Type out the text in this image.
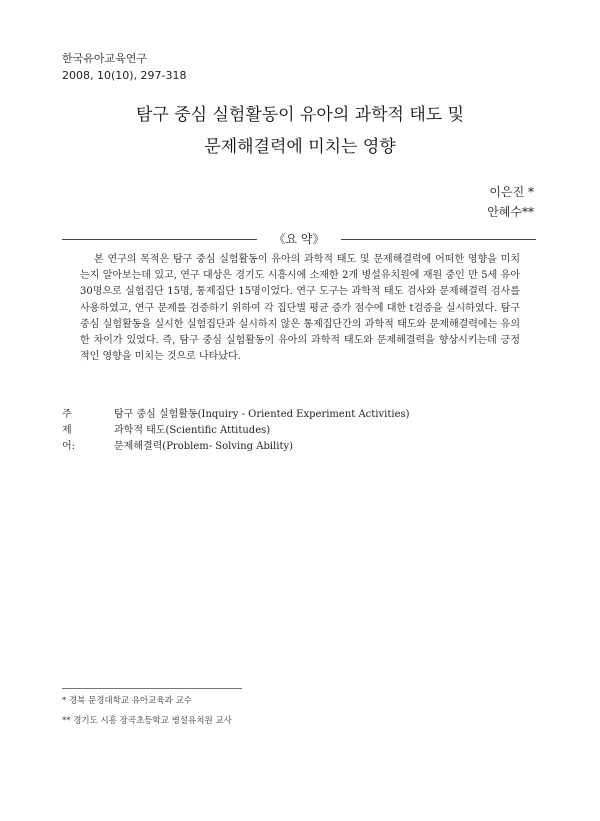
한국유아교육연구
2008, 10(10), 297-318
탐구 중심 실험활동이 유아의 과학적 태도 및
문제해결력에 미치는 영향
이은진 *
안혜수**
《요 약》

본 연구의 목적은 탐구 중심 실험활동이 유아의 과학적 태도 및 문제해결력에 어떠한 영향을 미치는지 알아보는데 있고, 연구 대상은 경기도 시흥시에 소재한 2개 병설유치원에 재원 중인 만 5세 유아 30명으로 실험집단 15명, 통제집단 15명이었다. 연구 도구는 과학적 태도 검사와 문제해결력 검사를 사용하였고, 연구 문제를 검증하기 위하여 각 집단별 평균 증가 점수에 대한 t검증을 실시하였다. 탐구 중심 실험활동을 실시한 실험집단과 실시하지 않은 통제집단간의 과학적 태도와 문제해결력에는 유의한 차이가 있었다. 즉, 탐구 중심 실험활동이 유아의 과학적 태도와 문제해결력을 향상시키는데 긍정적인 영향을 미치는 것으로 나타났다.

주제어:
탐구 중심 실험활동(Inquiry - Oriented Experiment Activities)
과학적 태도(Scientific Attitudes)
문제해결력(Problem- Solving Ability)
* 경북 문경대학교 유아교육과 교수
** 경기도 시흥 장곡초등학교 병설유치원 교사
